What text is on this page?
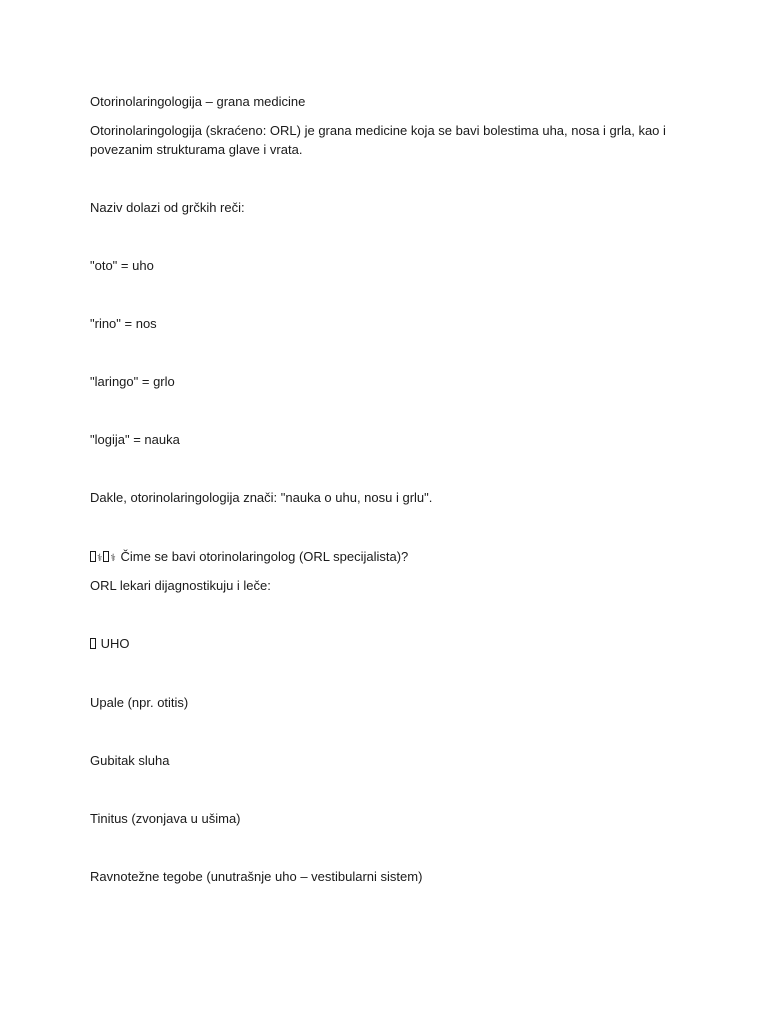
Otorinolaringologija – grana medicine

Otorinolaringologija (skraćeno: ORL) je grana medicine koja se bavi bolestima uha, nosa i grla, kao i

povezanim strukturama glave i vrata.

Naziv dolazi od grčkih reči:

"oto" = uho

"rino" = nos

"laringo" = grlo

"logija" = nauka

Dakle, otorinolaringologija znači: "nauka o uhu, nosu i grlu".

⚕ ⚕ Čime se bavi otorinolaringolog (ORL specijalista)?

ORL lekari dijagnostikuju i leče:

UHO

Upale (npr. otitis)

Gubitak sluha

Tinitus (zvonjava u ušima)

Ravnotežne tegobe (unutrašnje uho – vestibularni sistem)
